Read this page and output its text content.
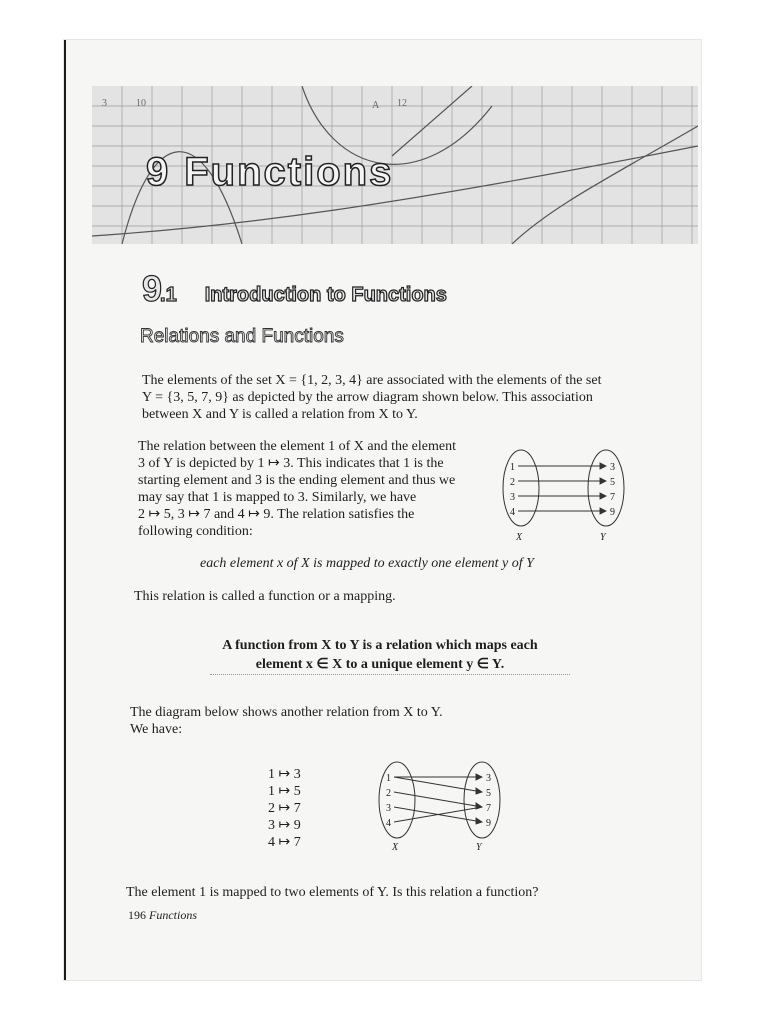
3	10	A 12
9 Functions
9.1 Introduction to Functions
Relations and Functions
The elements of the set X = {1, 2, 3, 4} are associated with the elements of the set
Y = {3, 5, 7, 9} as depicted by the arrow diagram shown below. This association
between X and Y is called a relation from X to Y.
The relation between the element 1 of X and the element
3 of Y is depicted by 1 ↦ 3. This indicates that 1 is the
starting element and 3 is the ending element and thus we
may say that 1 is mapped to 3. Similarly, we have
2 ↦ 5, 3 ↦ 7 and 4 ↦ 9. The relation satisfies the
following condition:
1
2
3
4
3
5
7
9
X	Y
each element x of X is mapped to exactly one element y of Y
This relation is called a function or a mapping.
A function from X to Y is a relation which maps each
element x ∈ X to a unique element y ∈ Y.
The diagram below shows another relation from X to Y.
We have:
1 ↦ 3
1 ↦ 5
2 ↦ 7
3 ↦ 9
4 ↦ 7
1
2
3
4
3
5
7
9
X	Y
The element 1 is mapped to two elements of Y. Is this relation a function?
196 Functions
